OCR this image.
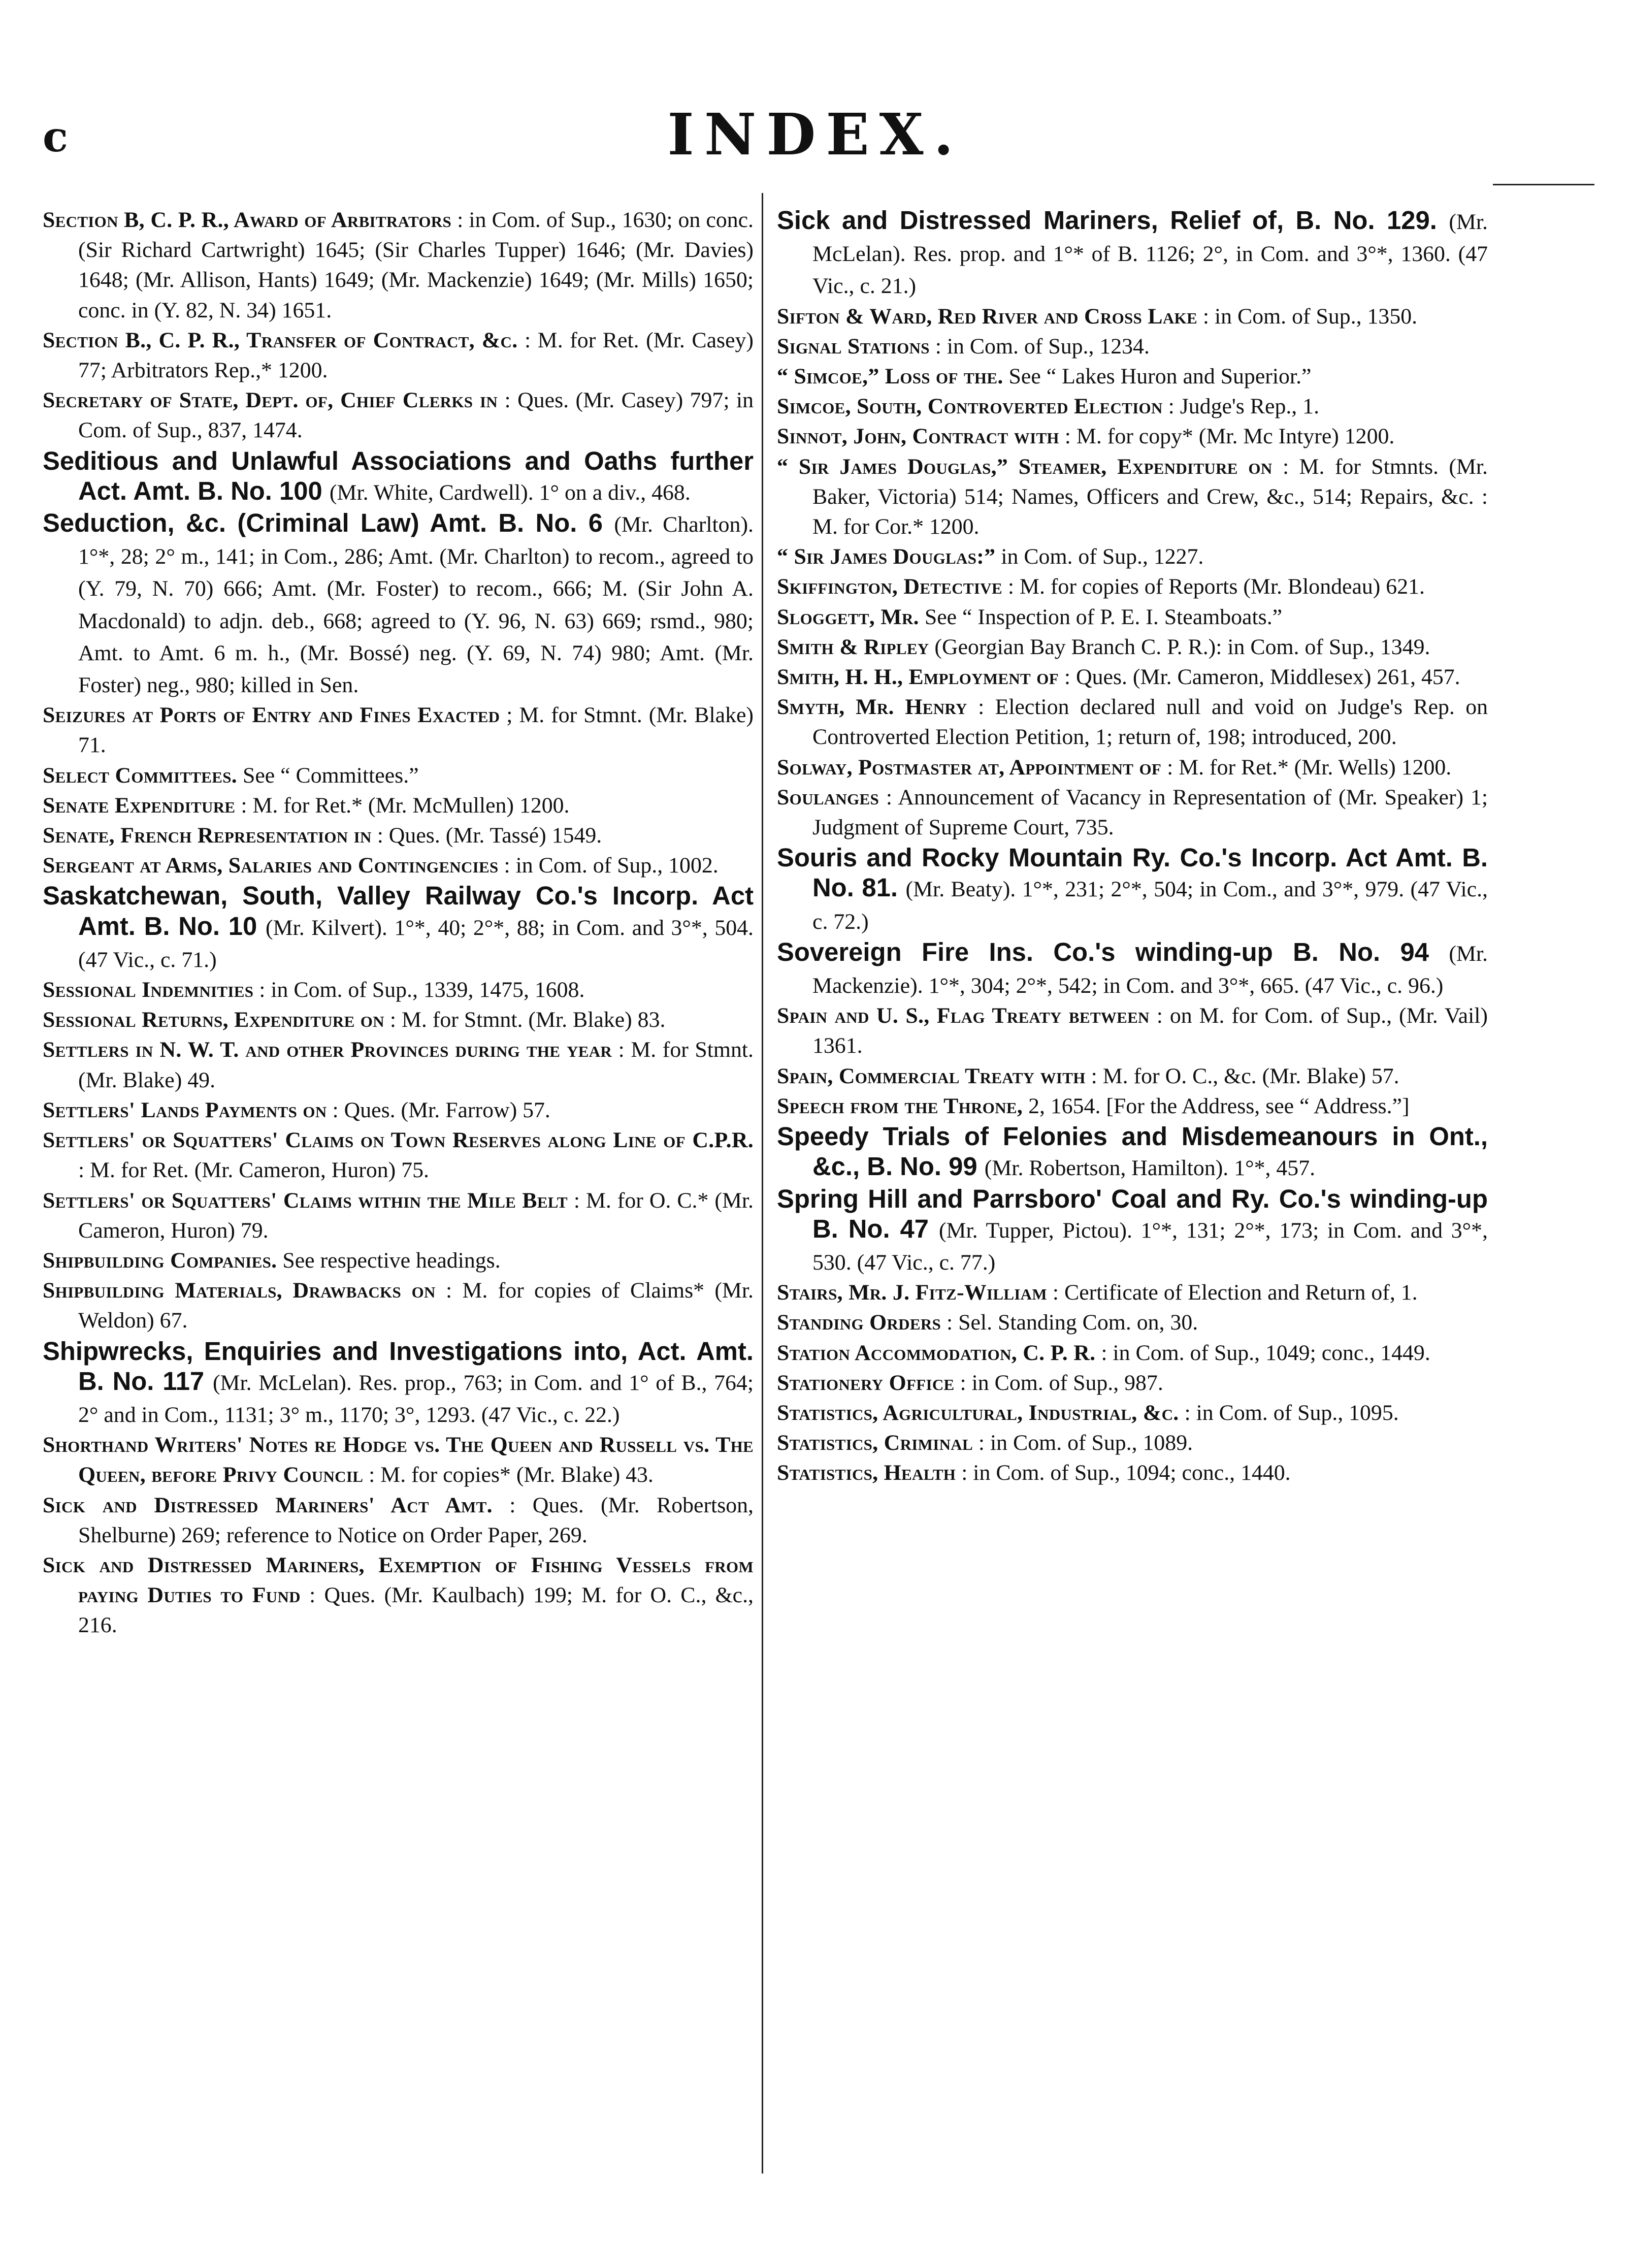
c	INDEX.
Section B, C. P. R., Award of Arbitrators : in Com. of Sup., 1630; on conc. (Sir Richard Cartwright) 1645; (Sir Charles Tupper) 1646; (Mr. Davies) 1648; (Mr. Allison, Hants) 1649; (Mr. Mackenzie) 1649; (Mr. Mills) 1650; conc. in (Y. 82, N. 34) 1651.
Section B., C. P. R., Transfer of Contract, &c. : M. for Ret. (Mr. Casey) 77; Arbitrators Rep.,* 1200.
Secretary of State, Dept. of, Chief Clerks in : Ques. (Mr. Casey) 797; in Com. of Sup., 837, 1474.
Seditious and Unlawful Associations and Oaths further Act. Amt. B. No. 100 (Mr. White, Cardwell). 1° on a div., 468.
Seduction, &c. (Criminal Law) Amt. B. No. 6 (Mr. Charlton). 1°*, 28; 2° m., 141; in Com., 286; Amt. (Mr. Charlton) to recom., agreed to (Y. 79, N. 70) 666; Amt. (Mr. Foster) to recom., 666; M. (Sir John A. Macdonald) to adjn. deb., 668; agreed to (Y. 96, N. 63) 669; rsmd., 980; Amt. to Amt. 6 m. h., (Mr. Bossé) neg. (Y. 69, N. 74) 980; Amt. (Mr. Foster) neg., 980; killed in Sen.
Seizures at Ports of Entry and Fines Exacted ; M. for Stmnt. (Mr. Blake) 71.
Select Committees. See “ Committees.”
Senate Expenditure : M. for Ret.* (Mr. McMullen) 1200.
Senate, French Representation in : Ques. (Mr. Tassé) 1549.
Sergeant at Arms, Salaries and Contingencies : in Com. of Sup., 1002.
Saskatchewan, South, Valley Railway Co.'s Incorp. Act Amt. B. No. 10 (Mr. Kilvert). 1°*, 40; 2°*, 88; in Com. and 3°*, 504. (47 Vic., c. 71.)
Sessional Indemnities : in Com. of Sup., 1339, 1475, 1608.
Sessional Returns, Expenditure on : M. for Stmnt. (Mr. Blake) 83.
Settlers in N. W. T. and other Provinces during the year : M. for Stmnt. (Mr. Blake) 49.
Settlers' Lands Payments on : Ques. (Mr. Farrow) 57.
Settlers' or Squatters' Claims on Town Reserves along Line of C.P.R. : M. for Ret. (Mr. Cameron, Huron) 75.
Settlers' or Squatters' Claims within the Mile Belt : M. for O. C.* (Mr. Cameron, Huron) 79.
Shipbuilding Companies. See respective headings.
Shipbuilding Materials, Drawbacks on : M. for copies of Claims* (Mr. Weldon) 67.
Shipwrecks, Enquiries and Investigations into, Act. Amt. B. No. 117 (Mr. McLelan). Res. prop., 763; in Com. and 1° of B., 764; 2° and in Com., 1131; 3° m., 1170; 3°, 1293. (47 Vic., c. 22.)
Shorthand Writers' Notes re Hodge vs. The Queen and Russell vs. The Queen, before Privy Council : M. for copies* (Mr. Blake) 43.
Sick and Distressed Mariners' Act Amt. : Ques. (Mr. Robertson, Shelburne) 269; reference to Notice on Order Paper, 269.
Sick and Distressed Mariners, Exemption of Fishing Vessels from paying Duties to Fund : Ques. (Mr. Kaulbach) 199; M. for O. C., &c., 216.
Sick and Distressed Mariners, Relief of, B. No. 129. (Mr. McLelan). Res. prop. and 1°* of B. 1126; 2°, in Com. and 3°*, 1360. (47 Vic., c. 21.)
Sifton & Ward, Red River and Cross Lake : in Com. of Sup., 1350.
Signal Stations : in Com. of Sup., 1234.
“ Simcoe,” Loss of the. See “ Lakes Huron and Superior.”
Simcoe, South, Controverted Election : Judge's Rep., 1.
Sinnot, John, Contract with : M. for copy* (Mr. Mc Intyre) 1200.
“ Sir James Douglas,” Steamer, Expenditure on : M. for Stmnts. (Mr. Baker, Victoria) 514; Names, Officers and Crew, &c., 514; Repairs, &c. : M. for Cor.* 1200.
“ Sir James Douglas:” in Com. of Sup., 1227.
Skiffington, Detective : M. for copies of Reports (Mr. Blondeau) 621.
Sloggett, Mr. See “ Inspection of P. E. I. Steamboats.”
Smith & Ripley (Georgian Bay Branch C. P. R.): in Com. of Sup., 1349.
Smith, H. H., Employment of : Ques. (Mr. Cameron, Middlesex) 261, 457.
Smyth, Mr. Henry : Election declared null and void on Judge's Rep. on Controverted Election Petition, 1; return of, 198; introduced, 200.
Solway, Postmaster at, Appointment of : M. for Ret.* (Mr. Wells) 1200.
Soulanges : Announcement of Vacancy in Representation of (Mr. Speaker) 1; Judgment of Supreme Court, 735.
Souris and Rocky Mountain Ry. Co.'s Incorp. Act Amt. B. No. 81. (Mr. Beaty). 1°*, 231; 2°*, 504; in Com., and 3°*, 979. (47 Vic., c. 72.)
Sovereign Fire Ins. Co.'s winding-up B. No. 94 (Mr. Mackenzie). 1°*, 304; 2°*, 542; in Com. and 3°*, 665. (47 Vic., c. 96.)
Spain and U. S., Flag Treaty between : on M. for Com. of Sup., (Mr. Vail) 1361.
Spain, Commercial Treaty with : M. for O. C., &c. (Mr. Blake) 57.
Speech from the Throne, 2, 1654. [For the Address, see “ Address.”]
Speedy Trials of Felonies and Misdemeanours in Ont., &c., B. No. 99 (Mr. Robertson, Hamilton). 1°*, 457.
Spring Hill and Parrsboro' Coal and Ry. Co.'s winding-up B. No. 47 (Mr. Tupper, Pictou). 1°*, 131; 2°*, 173; in Com. and 3°*, 530. (47 Vic., c. 77.)
Stairs, Mr. J. Fitz-William : Certificate of Election and Return of, 1.
Standing Orders : Sel. Standing Com. on, 30.
Station Accommodation, C. P. R. : in Com. of Sup., 1049; conc., 1449.
Stationery Office : in Com. of Sup., 987.
Statistics, Agricultural, Industrial, &c. : in Com. of Sup., 1095.
Statistics, Criminal : in Com. of Sup., 1089.
Statistics, Health : in Com. of Sup., 1094; conc., 1440.
